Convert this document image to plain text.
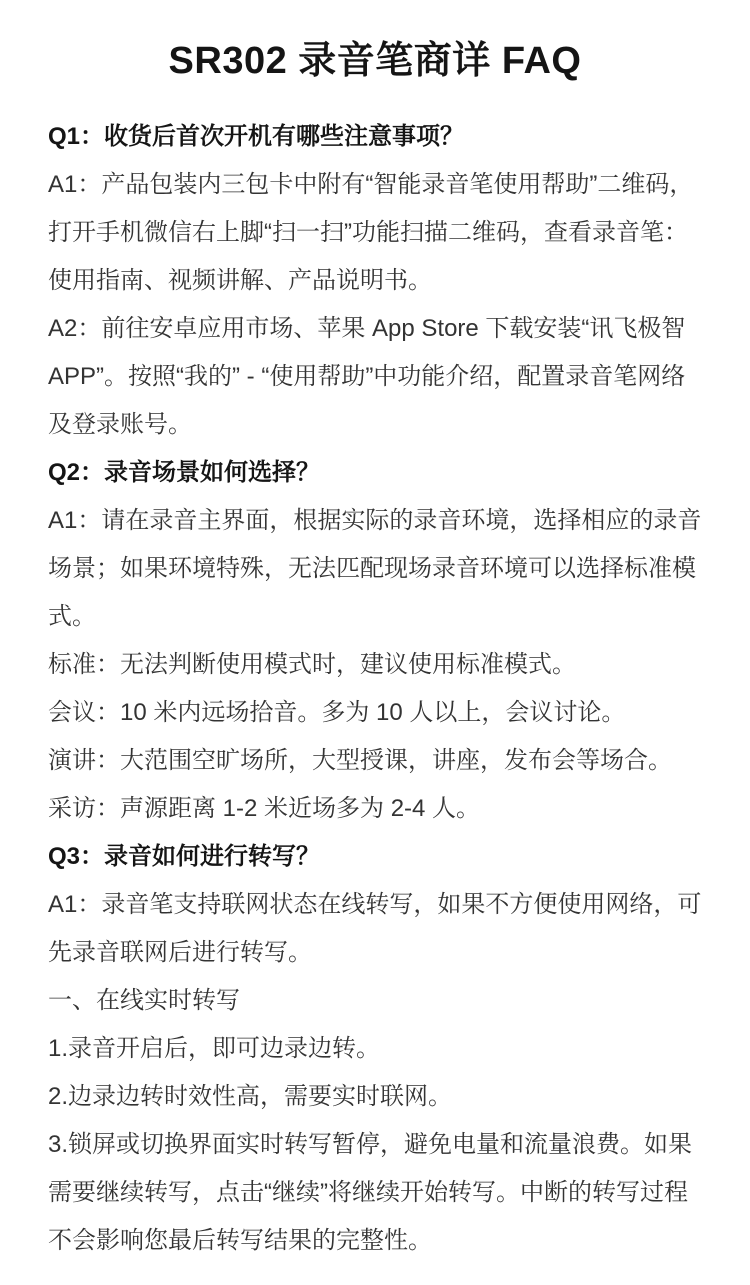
SR302 录音笔商详 FAQ
Q1：收货后首次开机有哪些注意事项？

A1：产品包装内三包卡中附有“智能录音笔使用帮助”二维码，打开手机微信右上脚“扫一扫”功能扫描二维码，查看录音笔：使用指南、视频讲解、产品说明书。

A2：前往安卓应用市场、苹果 App Store 下载安装“讯飞极智 APP”。按照“我的” - “使用帮助”中功能介绍，配置录音笔网络及登录账号。

Q2：录音场景如何选择？

A1：请在录音主界面，根据实际的录音环境，选择相应的录音场景；如果环境特殊，无法匹配现场录音环境可以选择标准模式。

标准：无法判断使用模式时，建议使用标准模式。

会议：10 米内远场拾音。多为 10 人以上，会议讨论。

演讲：大范围空旷场所，大型授课，讲座，发布会等场合。

采访：声源距离 1-2 米近场多为 2-4 人。

Q3：录音如何进行转写？

A1：录音笔支持联网状态在线转写，如果不方便使用网络，可先录音联网后进行转写。

一、在线实时转写

1.录音开启后，即可边录边转。

2.边录边转时效性高，需要实时联网。

3.锁屏或切换界面实时转写暂停，避免电量和流量浪费。如果需要继续转写，点击“继续”将继续开始转写。中断的转写过程不会影响您最后转写结果的完整性。
